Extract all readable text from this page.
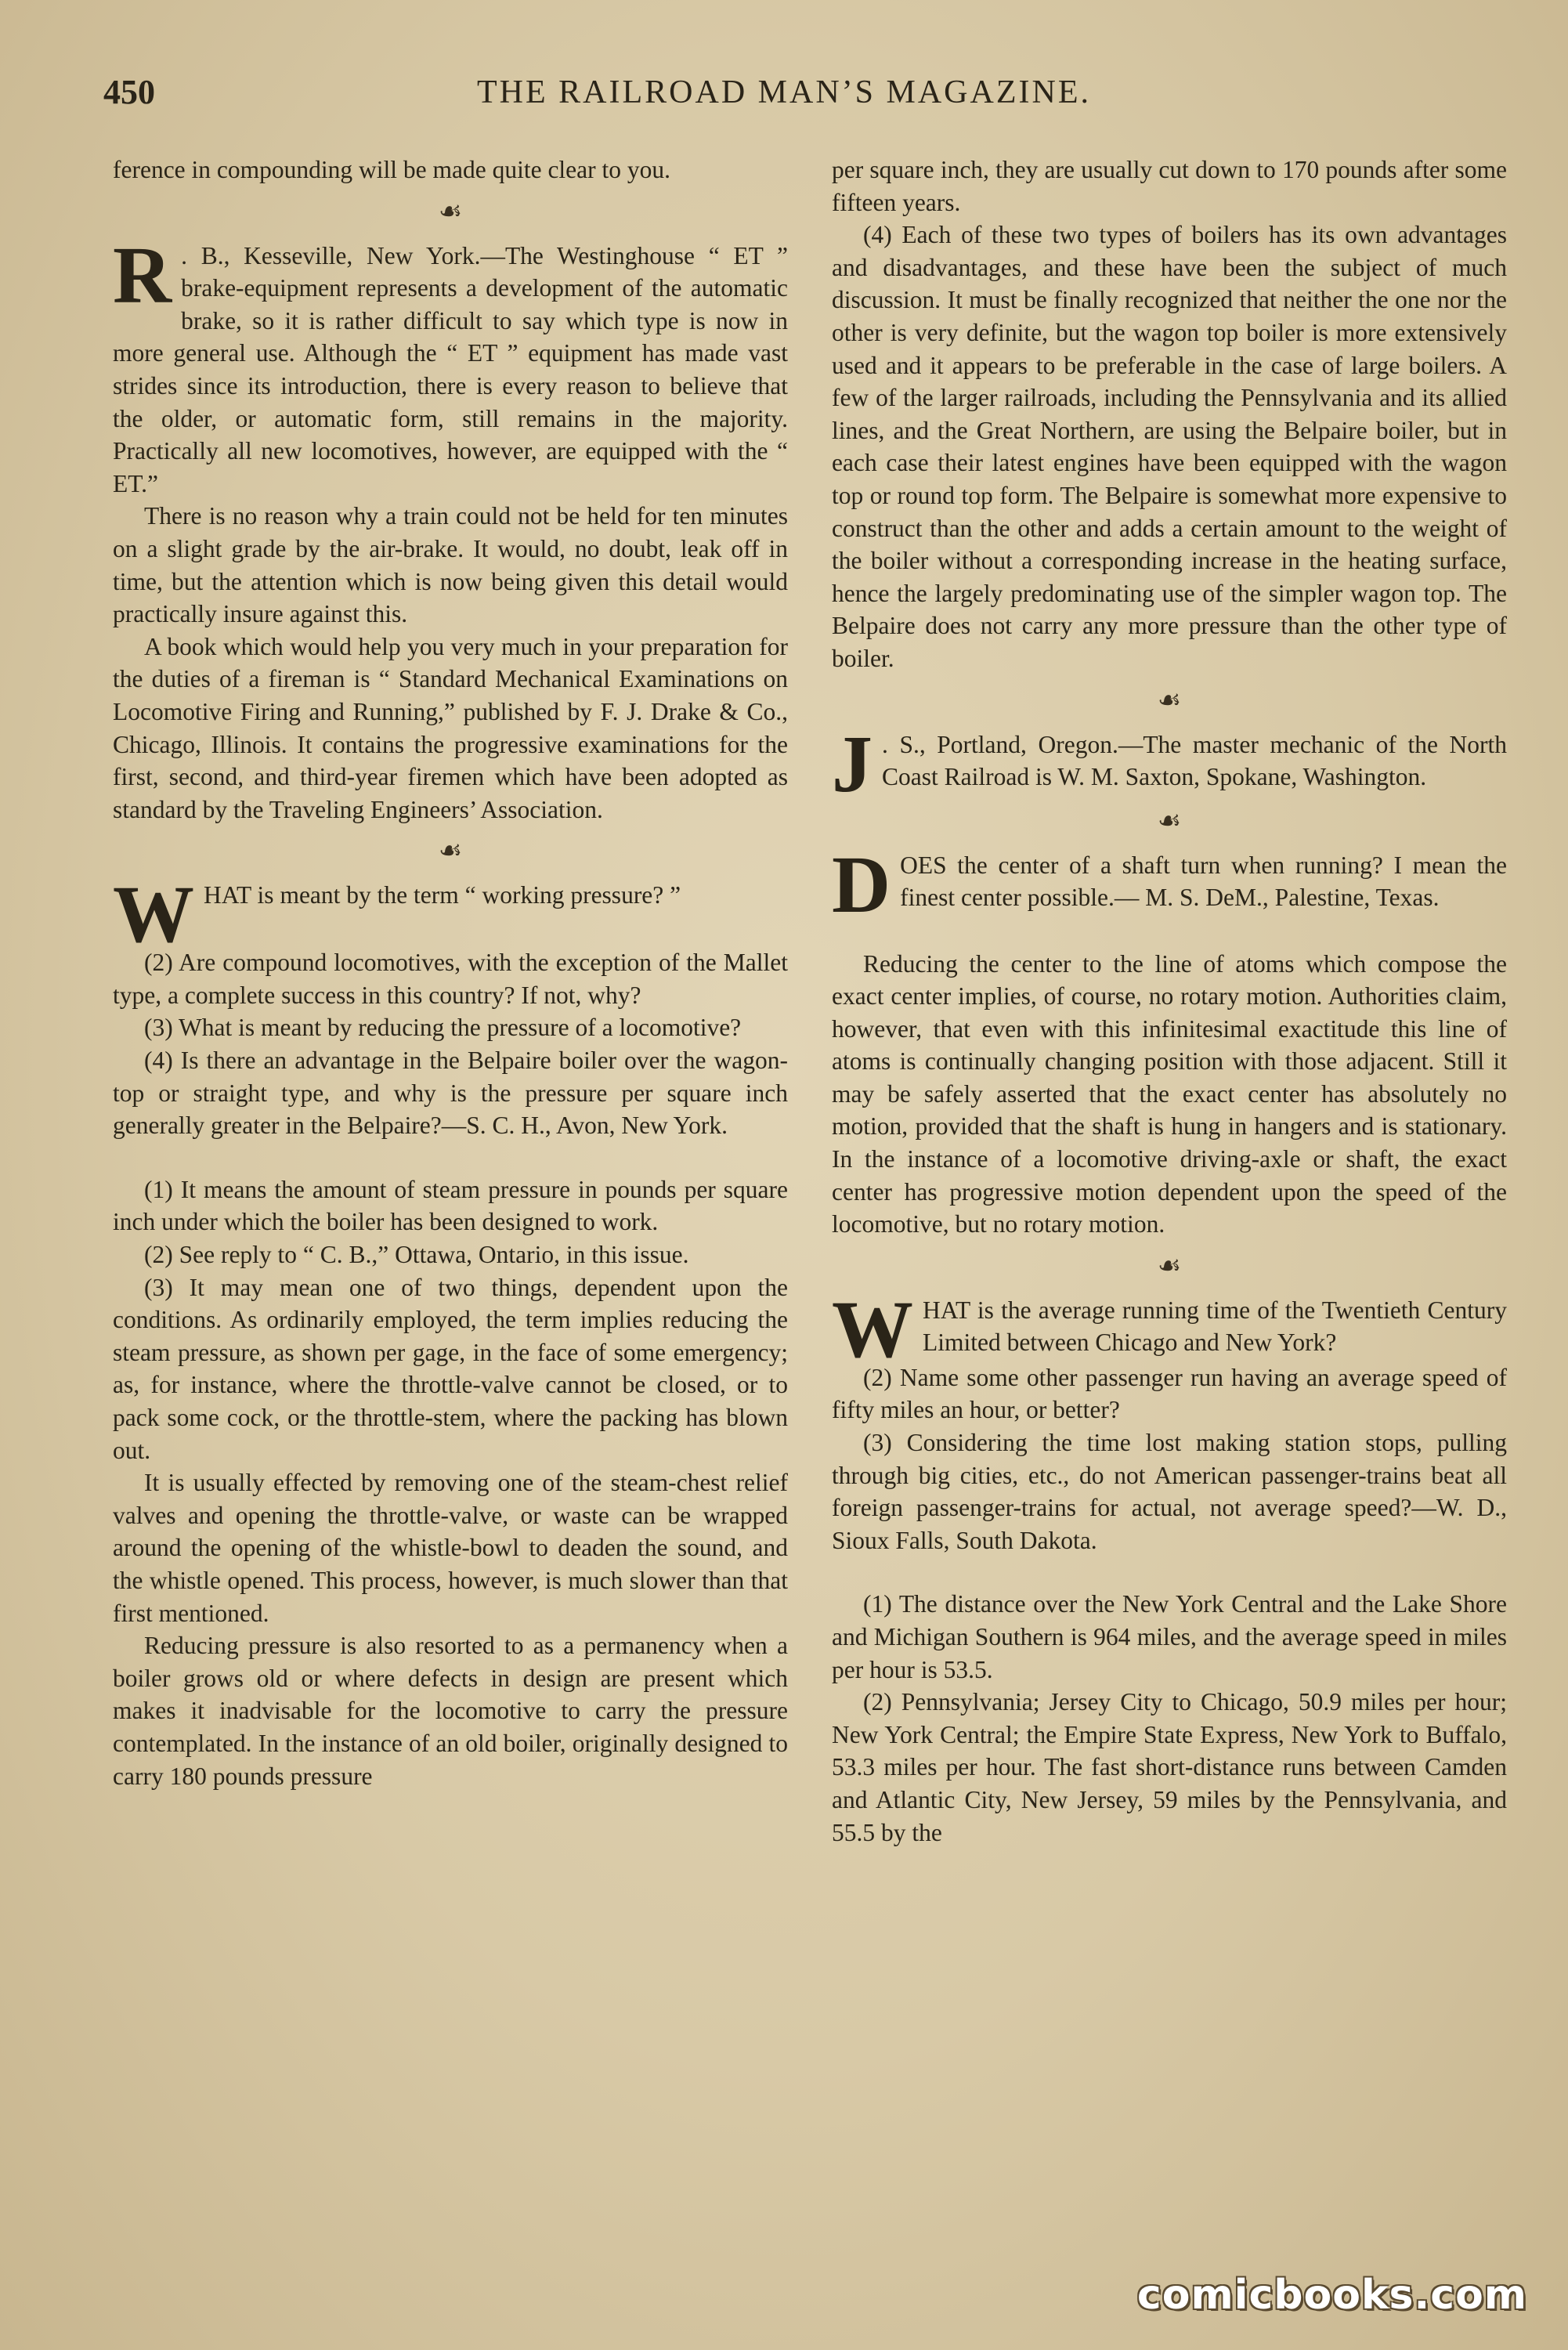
450	THE RAILROAD MAN’S MAGAZINE.

ference in compounding will be made quite clear to you.

☙
R . B., Kesseville, New York.—The Westinghouse “ ET ” brake-equipment represents a development of the automatic brake, so it is rather difficult to say which type is now in more general use. Although the “ ET ” equipment has made vast strides since its introduction, there is every reason to believe that the older, or automatic form, still remains in the majority. Practically all new locomotives, however, are equipped with the “ ET.”

There is no reason why a train could not be held for ten minutes on a slight grade by the air-brake. It would, no doubt, leak off in time, but the attention which is now being given this detail would practically insure against this.

A book which would help you very much in your preparation for the duties of a fireman is “ Standard Mechanical Examinations on Locomotive Firing and Running,” published by F. J. Drake & Co., Chicago, Illinois. It contains the progressive examinations for the first, second, and third-year firemen which have been adopted as standard by the Traveling Engineers’ Association.

☙
W HAT is meant by the term “ working pressure? ”

(2) Are compound locomotives, with the exception of the Mallet type, a complete success in this country? If not, why?

(3) What is meant by reducing the pressure of a locomotive?

(4) Is there an advantage in the Belpaire boiler over the wagon-top or straight type, and why is the pressure per square inch generally greater in the Belpaire?—S. C. H., Avon, New York.

(1) It means the amount of steam pressure in pounds per square inch under which the boiler has been designed to work.

(2) See reply to “ C. B.,” Ottawa, Ontario, in this issue.

(3) It may mean one of two things, dependent upon the conditions. As ordinarily employed, the term implies reducing the steam pressure, as shown per gage, in the face of some emergency; as, for instance, where the throttle-valve cannot be closed, or to pack some cock, or the throttle-stem, where the packing has blown out.

It is usually effected by removing one of the steam-chest relief valves and opening the throttle-valve, or waste can be wrapped around the opening of the whistle-bowl to deaden the sound, and the whistle opened. This process, however, is much slower than that first mentioned.

Reducing pressure is also resorted to as a permanency when a boiler grows old or where defects in design are present which makes it inadvisable for the locomotive to carry the pressure contemplated. In the instance of an old boiler, originally designed to carry 180 pounds pressure

per square inch, they are usually cut down to 170 pounds after some fifteen years.

(4) Each of these two types of boilers has its own advantages and disadvantages, and these have been the subject of much discussion. It must be finally recognized that neither the one nor the other is very definite, but the wagon top boiler is more extensively used and it appears to be preferable in the case of large boilers. A few of the larger railroads, including the Pennsylvania and its allied lines, and the Great Northern, are using the Belpaire boiler, but in each case their latest engines have been equipped with the wagon top or round top form. The Belpaire is somewhat more expensive to construct than the other and adds a certain amount to the weight of the boiler without a corresponding increase in the heating surface, hence the largely predominating use of the simpler wagon top. The Belpaire does not carry any more pressure than the other type of boiler.

☙
J . S., Portland, Oregon.—The master mechanic of the North Coast Railroad is W. M. Saxton, Spokane, Washington.

☙
D OES the center of a shaft turn when running? I mean the finest center possible.— M. S. DeM., Palestine, Texas.

Reducing the center to the line of atoms which compose the exact center implies, of course, no rotary motion. Authorities claim, however, that even with this infinitesimal exactitude this line of atoms is continually changing position with those adjacent. Still it may be safely asserted that the exact center has absolutely no motion, provided that the shaft is hung in hangers and is stationary. In the instance of a locomotive driving-axle or shaft, the exact center has progressive motion dependent upon the speed of the locomotive, but no rotary motion.

☙
W HAT is the average running time of the Twentieth Century Limited between Chicago and New York?

(2) Name some other passenger run having an average speed of fifty miles an hour, or better?

(3) Considering the time lost making station stops, pulling through big cities, etc., do not American passenger-trains beat all foreign passenger-trains for actual, not average speed?—W. D., Sioux Falls, South Dakota.

(1) The distance over the New York Central and the Lake Shore and Michigan Southern is 964 miles, and the average speed in miles per hour is 53.5.

(2) Pennsylvania; Jersey City to Chicago, 50.9 miles per hour; New York Central; the Empire State Express, New York to Buffalo, 53.3 miles per hour. The fast short-distance runs between Camden and Atlantic City, New Jersey, 59 miles by the Pennsylvania, and 55.5 by the

comicbooks.com
